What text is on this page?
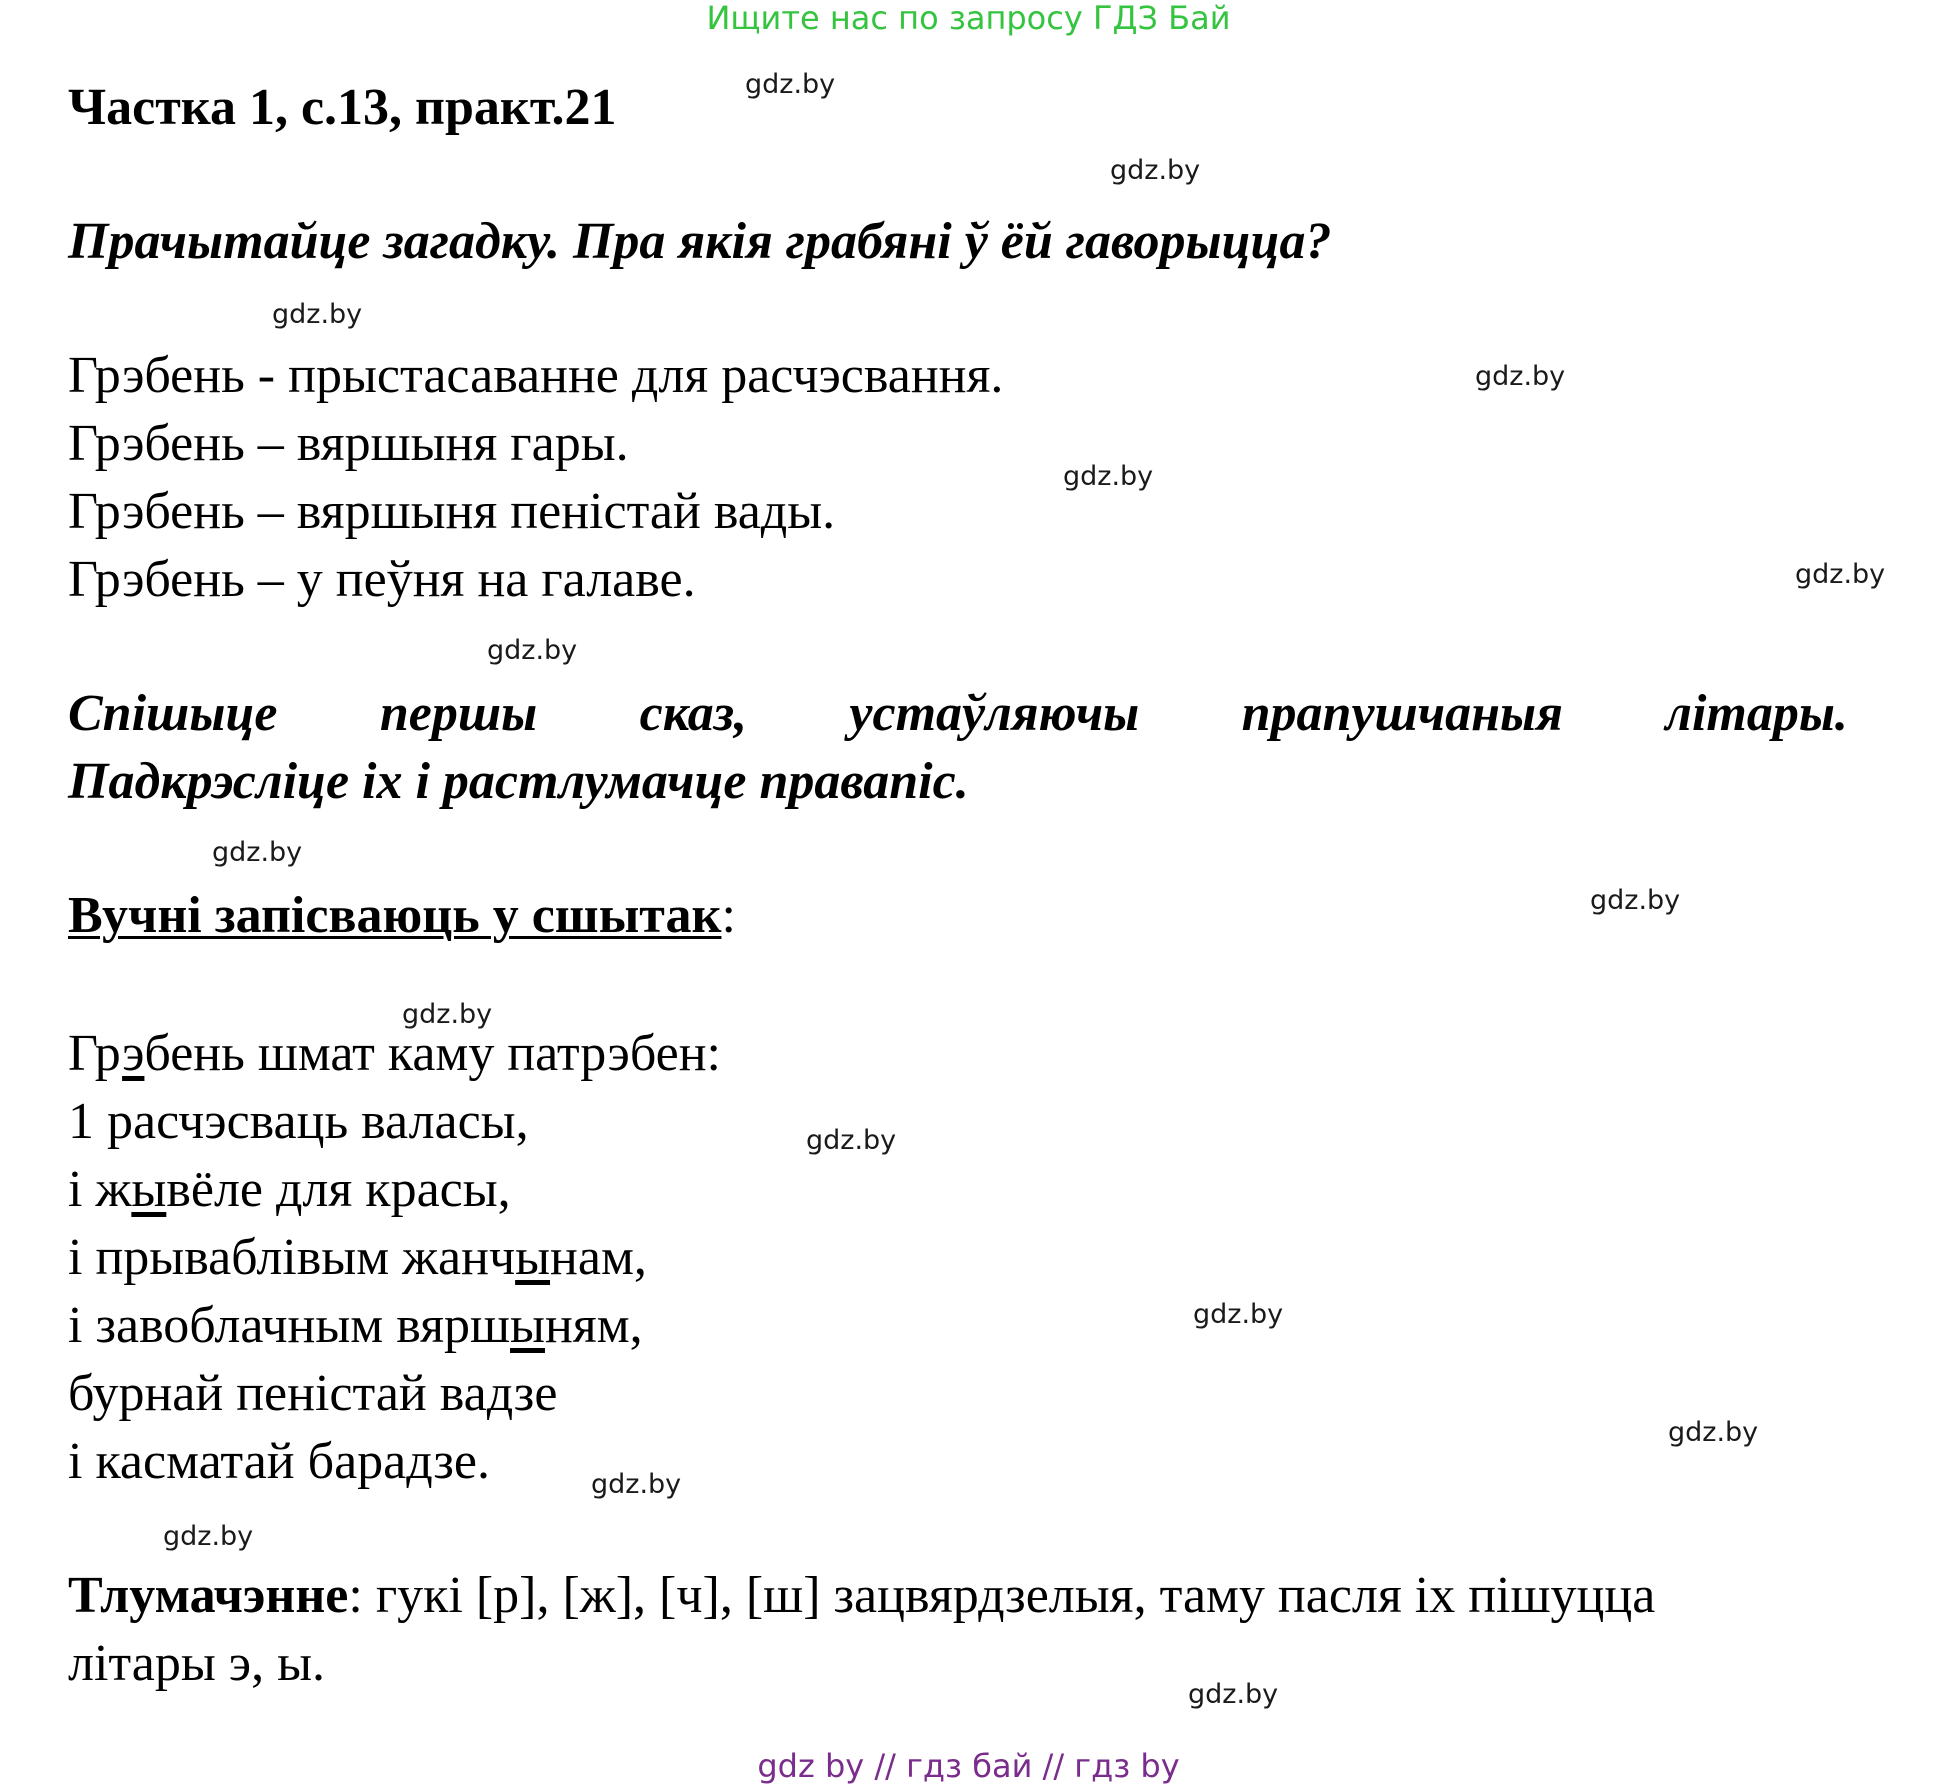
Ищите нас по запросу ГДЗ Бай
Частка 1, с.13, практ.21
Прачытайце загадку. Пра якія грабяні ў ёй гаворыцца?
Грэбень - прыстасаванне для расчэсвання.
Грэбень – вяршыня гары.
Грэбень – вяршыня пеністай вады.
Грэбень – у пеўня на галаве.
Спішыце першы сказ, устаўляючы прапушчаныя літары.
Падкрэсліце іх і растлумачце правапіс.
Вучні запісваюць у сшытак:
Грэбень шмат каму патрэбен:
1 расчэсваць валасы,
і жывёле для красы,
і прываблівым жанчынам,
і завоблачным вяршыням,
бурнай пеністай вадзе
і касматай барадзе.
Тлумачэнне: гукі [р], [ж], [ч], [ш] зацвярдзелыя, таму пасля іх пішуцца
літары э, ы.
gdz.by
gdz.by
gdz.by
gdz.by
gdz.by
gdz.by
gdz.by
gdz.by
gdz.by
gdz.by
gdz.by
gdz.by
gdz.by
gdz.by
gdz.by
gdz.by
gdz by // гдз бай // гдз by
